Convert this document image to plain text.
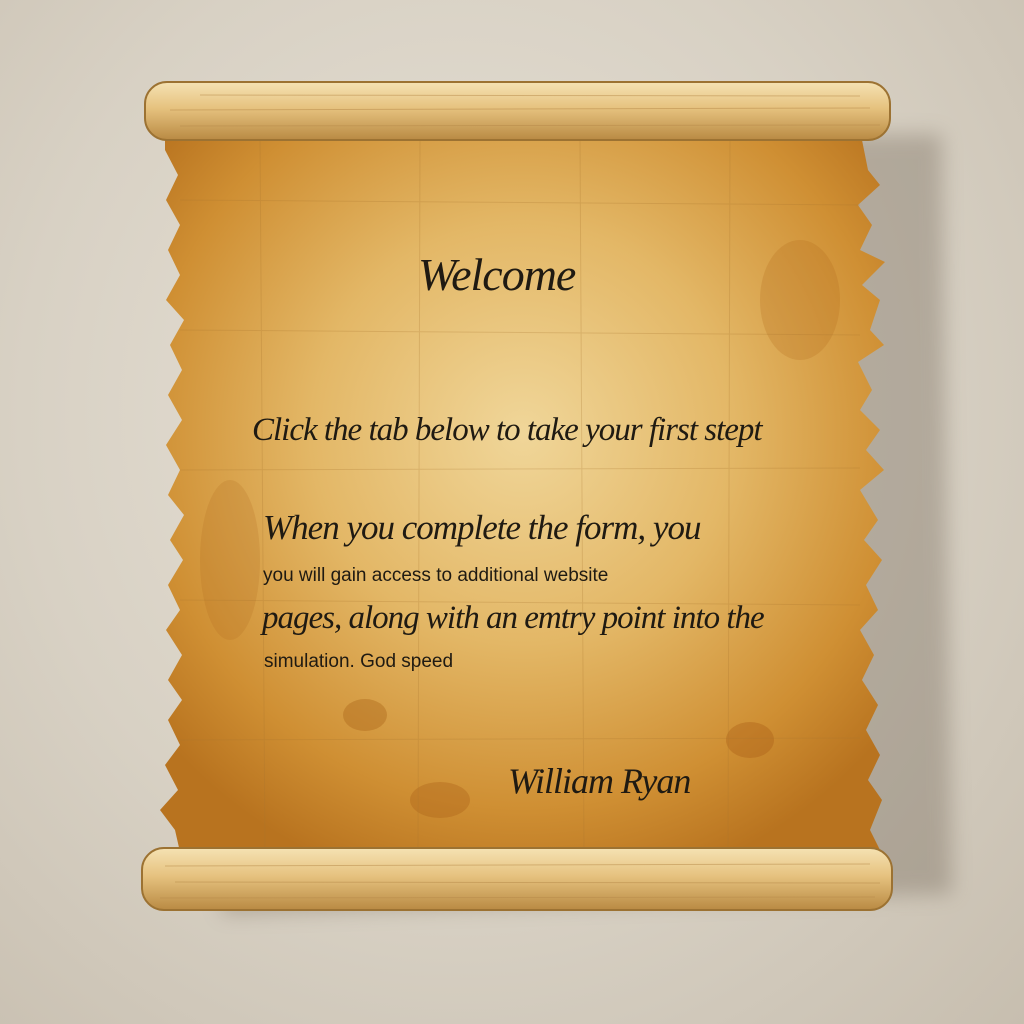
Welcome
Click the tab below to take your first stept
When you complete the form, you
you will gain access to additional website
pages, along with an emtry point into the
simulation. God speed
William Ryan
